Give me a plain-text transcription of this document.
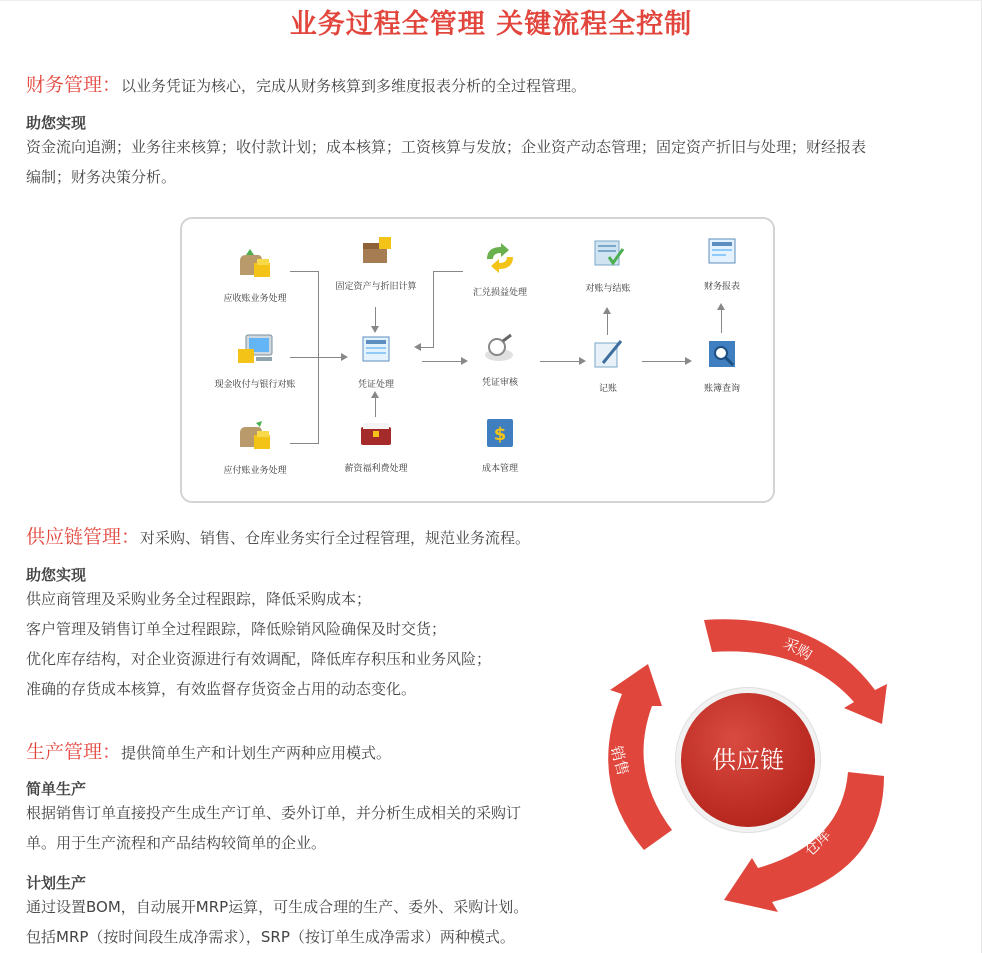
业务过程全管理 关键流程全控制
财务管理：以业务凭证为核心，完成从财务核算到多维度报表分析的全过程管理。
助您实现
资金流向追溯；业务往来核算；收付款计划；成本核算；工资核算与发放；企业资产动态管理；固定资产折旧与处理；财经报表
编制；财务决策分析。
应收账业务处理
现金收付与银行对账
应付账业务处理
固定资产与折旧计算
凭证处理
薪资福利费处理
汇兑损益处理
凭证审核
$
成本管理
对账与结账
记账
财务报表
账簿查询
供应链管理：对采购、销售、仓库业务实行全过程管理，规范业务流程。
助您实现
供应商管理及采购业务全过程跟踪，降低采购成本；
客户管理及销售订单全过程跟踪，降低赊销风险确保及时交货；
优化库存结构，对企业资源进行有效调配，降低库存积压和业务风险；
准确的存货成本核算，有效监督存货资金占用的动态变化。
生产管理：提供简单生产和计划生产两种应用模式。
简单生产
根据销售订单直接投产生成生产订单、委外订单，并分析生成相关的采购订
单。用于生产流程和产品结构较简单的企业。
计划生产
通过设置BOM，自动展开MRP运算，可生成合理的生产、委外、采购计划。
包括MRP（按时间段生成净需求），SRP（按订单生成净需求）两种模式。
采购
仓库
销售	供应链
